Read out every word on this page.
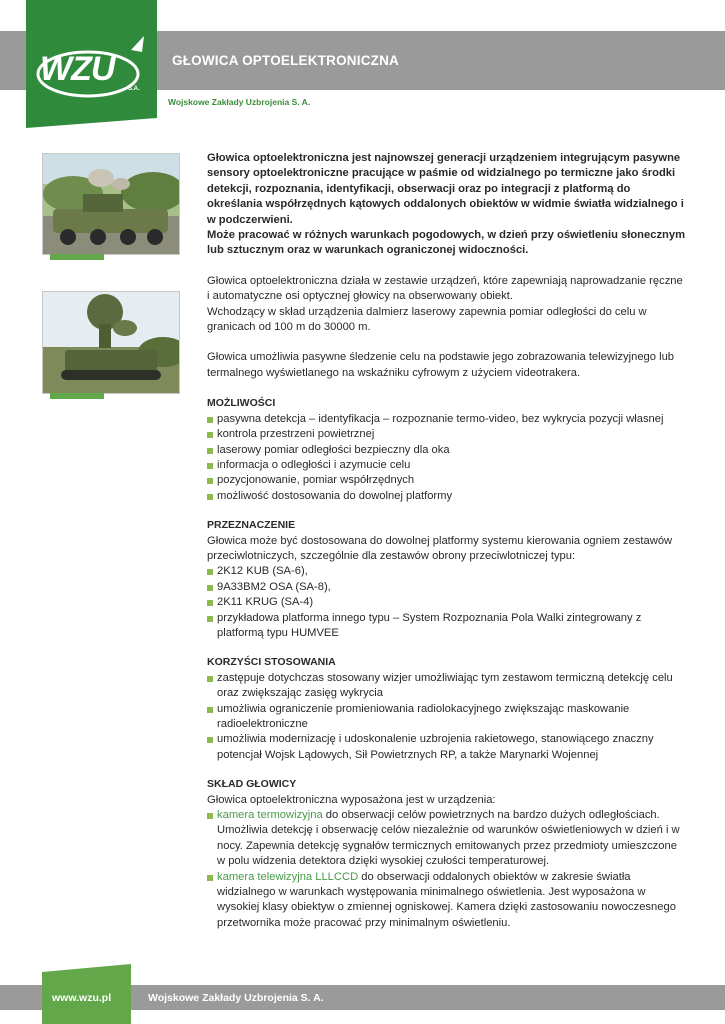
WZU
S.A.
GŁOWICA OPTOELEKTRONICZNA
Wojskowe Zakłady Uzbrojenia S. A.

Głowica optoelektroniczna jest najnowszej generacji urządzeniem integrującym pasywne sensory optoelektroniczne pracujące w paśmie od widzialnego po termiczne jako środki detekcji, rozpoznania, identyfikacji, obserwacji oraz po integracji z platformą do określania współrzędnych kątowych oddalonych obiektów w widmie światła widzialnego i w podczerwieni.
Może pracować w różnych warunkach pogodowych, w dzień przy oświetleniu słonecznym lub sztucznym oraz w warunkach ograniczonej widoczności.

Głowica optoelektroniczna działa w zestawie urządzeń, które zapewniają naprowadzanie ręczne i automatyczne osi optycznej głowicy na obserwowany obiekt.
Wchodzący w skład urządzenia dalmierz laserowy zapewnia pomiar odległości do celu w granicach od 100 m do 30000 m.

Głowica umożliwia pasywne śledzenie celu na podstawie jego zobrazowania telewizyjnego lub termalnego wyświetlanego na wskaźniku cyfrowym z użyciem videotrakera.

MOŻLIWOŚCI

pasywna detekcja – identyfikacja – rozpoznanie termo-video, bez wykrycia pozycji własnej
kontrola przestrzeni powietrznej
laserowy pomiar odległości bezpieczny dla oka
informacja o odległości i azymucie celu
pozycjonowanie, pomiar współrzędnych
możliwość dostosowania do dowolnej platformy

PRZEZNACZENIE

Głowica może być dostosowana do dowolnej platformy systemu kierowania ogniem zestawów przeciwlotniczych, szczególnie dla zestawów obrony przeciwlotniczej typu:

2K12 KUB (SA-6),
9A33BM2 OSA (SA-8),
2K11 KRUG (SA-4)
przykładowa platforma innego typu – System Rozpoznania Pola Walki zintegrowany z platformą typu HUMVEE

KORZYŚCI STOSOWANIA

zastępuje dotychczas stosowany wizjer umożliwiając tym zestawom termiczną detekcję celu oraz zwiększając zasięg wykrycia
umożliwia ograniczenie promieniowania radiolokacyjnego zwiększając maskowanie radioelektroniczne
umożliwia modernizację i udoskonalenie uzbrojenia rakietowego, stanowiącego znaczny potencjał Wojsk Lądowych, Sił Powietrznych RP, a także Marynarki Wojennej

SKŁAD GŁOWICY

Głowica optoelektroniczna wyposażona jest w urządzenia:

kamera termowizyjna do obserwacji celów powietrznych na bardzo dużych odległościach. Umożliwia detekcję i obserwację celów niezależnie od warunków oświetleniowych w dzień i w nocy. Zapewnia detekcję sygnałów termicznych emitowanych przez przedmioty umieszczone w polu widzenia detektora dzięki wysokiej czułości temperaturowej.
kamera telewizyjna LLLCCD do obserwacji oddalonych obiektów w zakresie światła widzialnego w warunkach występowania minimalnego oświetlenia. Jest wyposażona w wysokiej klasy obiektyw o zmiennej ogniskowej. Kamera dzięki zastosowaniu nowoczesnego przetwornika może pracować przy minimalnym oświetleniu.
www.wzu.pl	Wojskowe Zakłady Uzbrojenia S. A.
